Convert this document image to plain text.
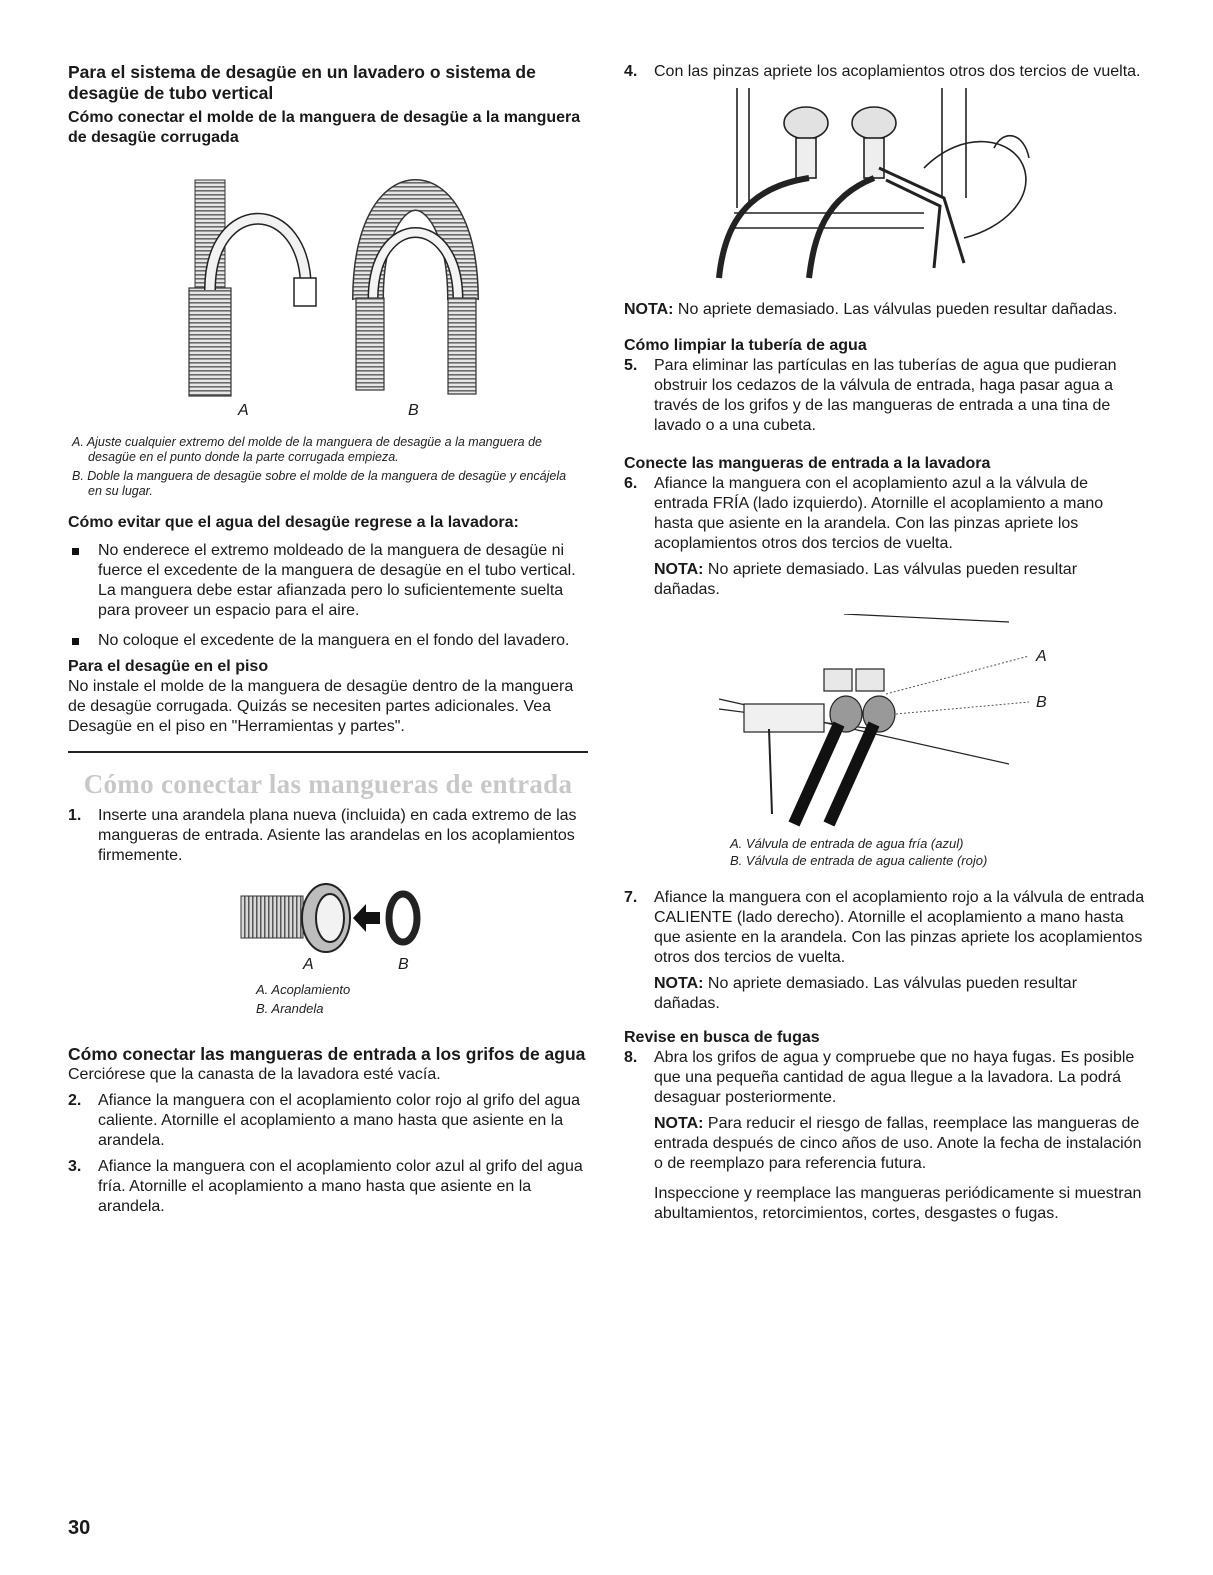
Para el sistema de desagüe en un lavadero o sistema de desagüe de tubo vertical
Cómo conectar el molde de la manguera de desagüe a la manguera de desagüe corrugada
A	B
A. Ajuste cualquier extremo del molde de la manguera de desagüe a la manguera de desagüe en el punto donde la parte corrugada empieza.
B. Doble la manguera de desagüe sobre el molde de la manguera de desagüe y encájela en su lugar.
Cómo evitar que el agua del desagüe regrese a la lavadora:
No enderece el extremo moldeado de la manguera de desagüe ni fuerce el excedente de la manguera de desagüe en el tubo vertical. La manguera debe estar afianzada pero lo suficientemente suelta para proveer un espacio para el aire.
No coloque el excedente de la manguera en el fondo del lavadero.
Para el desagüe en el piso

No instale el molde de la manguera de desagüe dentro de la manguera de desagüe corrugada. Quizás se necesiten partes adicionales. Vea Desagüe en el piso en "Herramientas y partes".

Cómo conectar las mangueras de entrada
1. Inserte una arandela plana nueva (incluida) en cada extremo de las mangueras de entrada. Asiente las arandelas en los acoplamientos firmemente.
A	B
A. Acoplamiento
B. Arandela
Cómo conectar las mangueras de entrada a los grifos de agua

Cerciórese que la canasta de la lavadora esté vacía.

2. Afiance la manguera con el acoplamiento color rojo al grifo del agua caliente. Atornille el acoplamiento a mano hasta que asiente en la arandela.
3. Afiance la manguera con el acoplamiento color azul al grifo del agua fría. Atornille el acoplamiento a mano hasta que asiente en la arandela.
4. Con las pinzas apriete los acoplamientos otros dos tercios de vuelta.

NOTA: No apriete demasiado. Las válvulas pueden resultar dañadas.

Cómo limpiar la tubería de agua
5. Para eliminar las partículas en las tuberías de agua que pudieran obstruir los cedazos de la válvula de entrada, haga pasar agua a través de los grifos y de las mangueras de entrada a una tina de lavado o a una cubeta.
Conecte las mangueras de entrada a la lavadora
6. Afiance la manguera con el acoplamiento azul a la válvula de entrada FRÍA (lado izquierdo). Atornille el acoplamiento a mano hasta que asiente en la arandela. Con las pinzas apriete los acoplamientos otros dos tercios de vuelta.

NOTA: No apriete demasiado. Las válvulas pueden resultar dañadas.

A
B
A. Válvula de entrada de agua fría (azul)
B. Válvula de entrada de agua caliente (rojo)
7. Afiance la manguera con el acoplamiento rojo a la válvula de entrada CALIENTE (lado derecho). Atornille el acoplamiento a mano hasta que asiente en la arandela. Con las pinzas apriete los acoplamientos otros dos tercios de vuelta.

NOTA: No apriete demasiado. Las válvulas pueden resultar dañadas.

Revise en busca de fugas
8. Abra los grifos de agua y compruebe que no haya fugas. Es posible que una pequeña cantidad de agua llegue a la lavadora. La podrá desaguar posteriormente.

NOTA: Para reducir el riesgo de fallas, reemplace las mangueras de entrada después de cinco años de uso. Anote la fecha de instalación o de reemplazo para referencia futura.

Inspeccione y reemplace las mangueras periódicamente si muestran abultamientos, retorcimientos, cortes, desgastes o fugas.

30
